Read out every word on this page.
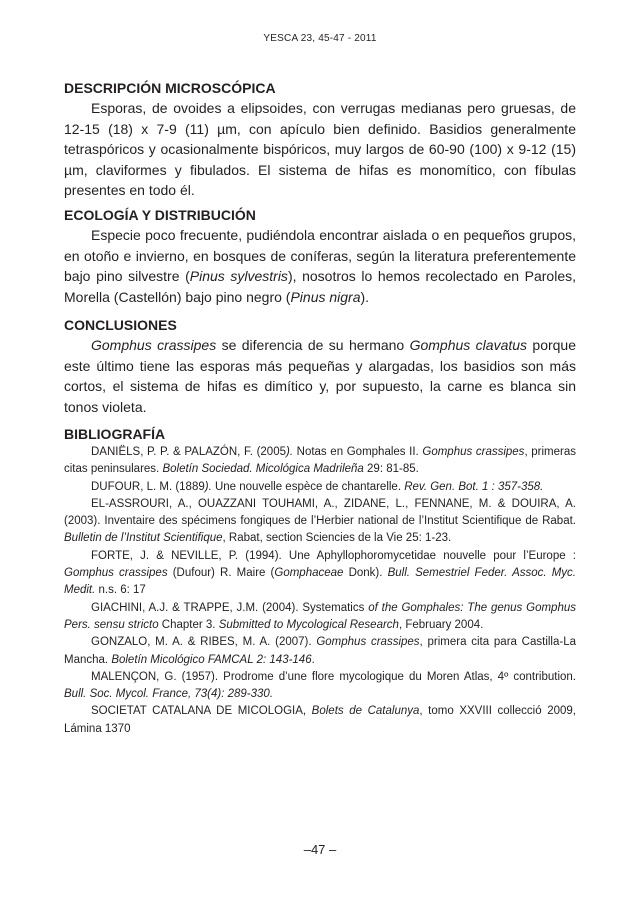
YESCA 23, 45-47 - 2011
DESCRIPCIÓN MICROSCÓPICA

Esporas, de ovoides a elipsoides, con verrugas medianas pero gruesas, de 12-15 (18) x 7-9 (11) µm, con apículo bien definido. Basidios generalmente tetraspóricos y ocasionalmente bispóricos, muy largos de 60-90 (100) x 9-12 (15) µm, claviformes y fibulados. El sistema de hifas es monomítico, con fíbulas presentes en todo él.

ECOLOGÍA Y DISTRIBUCIÓN

Especie poco frecuente, pudiéndola encontrar aislada o en pequeños grupos, en otoño e invierno, en bosques de coníferas, según la literatura preferentemente bajo pino silvestre (Pinus sylvestris), nosotros lo hemos recolectado en Paroles, Morella (Castellón) bajo pino negro (Pinus nigra).

CONCLUSIONES

Gomphus crassipes se diferencia de su hermano Gomphus clavatus porque este último tiene las esporas más pequeñas y alargadas, los basidios son más cortos, el sistema de hifas es dimítico y, por supuesto, la carne es blanca sin tonos violeta.

BIBLIOGRAFÍA

DANIËLS, P. P. & PALAZÓN, F. (2005). Notas en Gomphales II. Gomphus crassipes, primeras citas peninsulares. Boletín Sociedad. Micológica Madrileña 29: 81-85.

DUFOUR, L. M. (1889). Une nouvelle espèce de chantarelle. Rev. Gen. Bot. 1 : 357-358.

EL-ASSROURI, A., OUAZZANI TOUHAMI, A., ZIDANE, L., FENNANE, M. & DOUIRA, A. (2003). Inventaire des spécimens fongiques de l’Herbier national de l’Institut Scientifique de Rabat. Bulletin de l’Institut Scientifique, Rabat, section Sciencies de la Vie 25: 1-23.

FORTE, J. & NEVILLE, P. (1994). Une Aphyllophoromycetidae nouvelle pour l’Europe : Gomphus crassipes (Dufour) R. Maire (Gomphaceae Donk). Bull. Semestriel Feder. Assoc. Myc. Medit. n.s. 6: 17

GIACHINI, A.J. & TRAPPE, J.M. (2004). Systematics of the Gomphales: The genus Gomphus Pers. sensu stricto Chapter 3. Submitted to Mycological Research, February 2004.

GONZALO, M. A. & RIBES, M. A. (2007). Gomphus crassipes, primera cita para Castilla-La Mancha. Boletín Micológico FAMCAL 2: 143-146.

MALENÇON, G. (1957). Prodrome d’une flore mycologique du Moren Atlas, 4º contribution. Bull. Soc. Mycol. France, 73(4): 289-330.

SOCIETAT CATALANA DE MICOLOGIA, Bolets de Catalunya, tomo XXVIII collecció 2009, Lámina 1370

–47 –
